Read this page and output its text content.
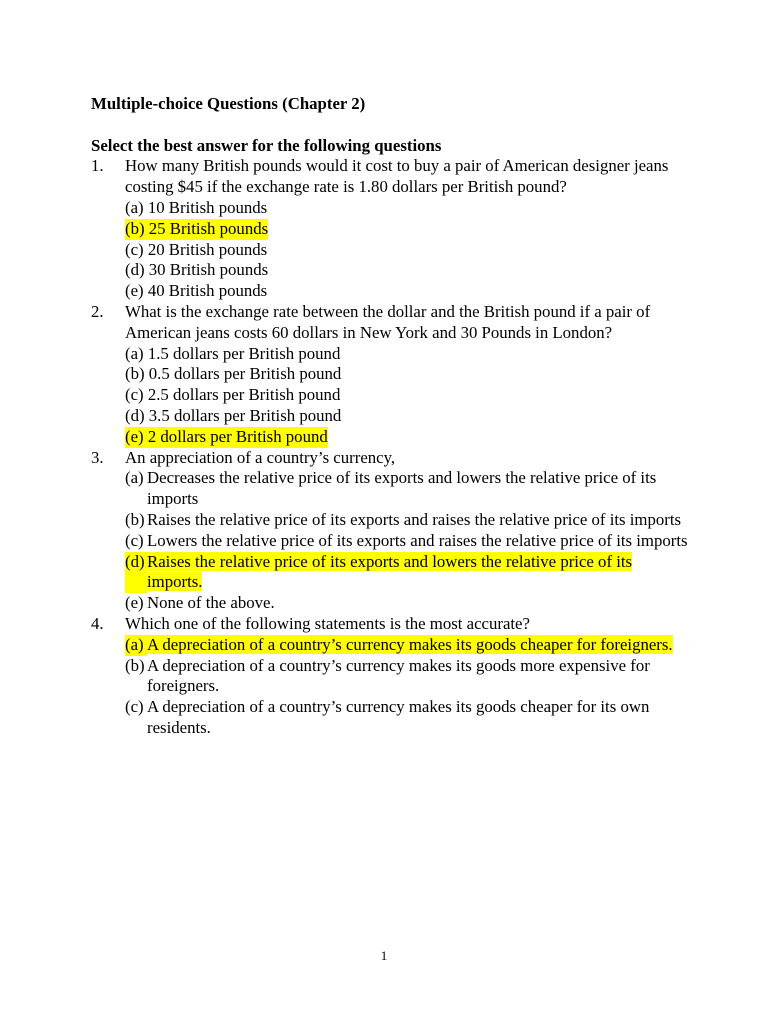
Multiple-choice Questions (Chapter 2)
Select the best answer for the following questions
1.	How many British pounds would it cost to buy a pair of American designer jeans costing $45 if the exchange rate is 1.80 dollars per British pound?
(a)
10 British pounds
(b) 25 British pounds
(c)
20 British pounds
(d)
30 British pounds
(e)
40 British pounds
2.	What is the exchange rate between the dollar and the British pound if a pair of American jeans costs 60 dollars in New York and 30 Pounds in London?
(a)
1.5 dollars per British pound
(b)
0.5 dollars per British pound
(c)
2.5 dollars per British pound
(d)
3.5 dollars per British pound
(e) 2 dollars per British pound
3.	An appreciation of a country’s currency,
(a) Decreases the relative price of its exports and lowers the relative price of its imports
(b) Raises the relative price of its exports and raises the relative price of its imports
(c) Lowers the relative price of its exports and raises the relative price of its imports
(d) Raises the relative price of its exports and lowers the relative price of its imports.
(e) None of the above.
4.	Which one of the following statements is the most accurate?
(a) A depreciation of a country’s currency makes its goods cheaper for foreigners.
(b) A depreciation of a country’s currency makes its goods more expensive for foreigners.
(c) A depreciation of a country’s currency makes its goods cheaper for its own residents.
1
